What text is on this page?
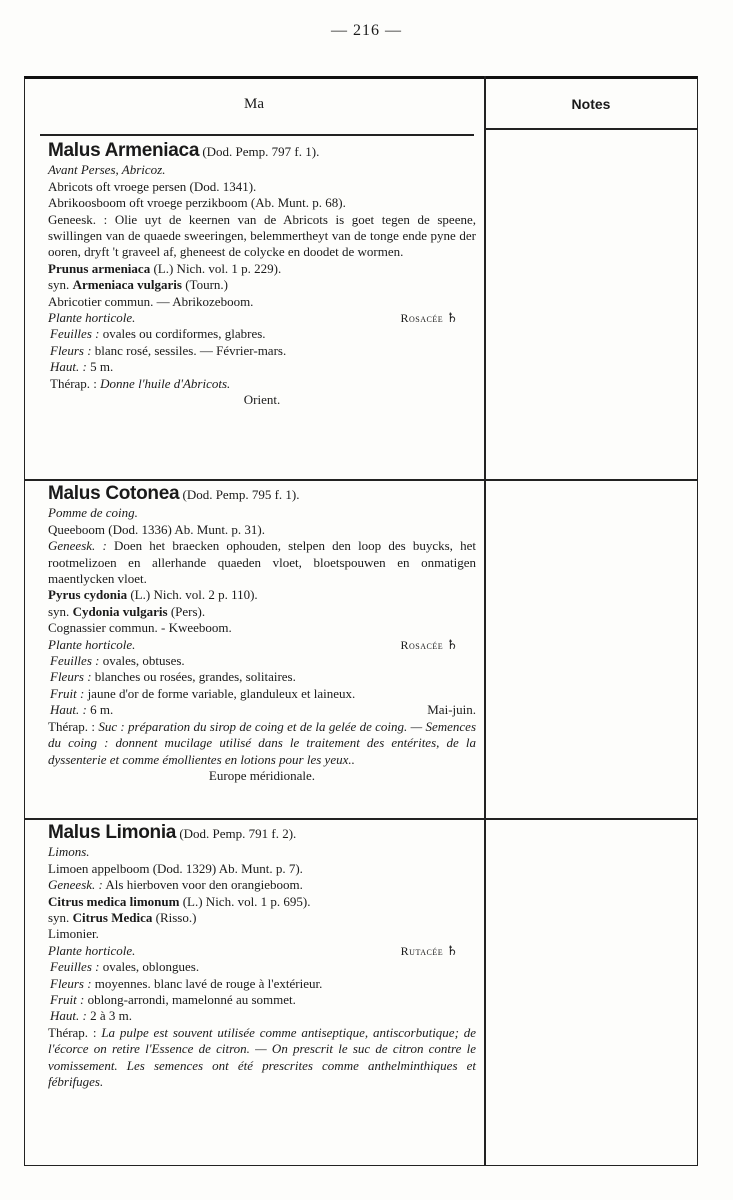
— 216 —
Ma	Notes

Malus Armeniaca (Dod. Pemp. 797 f. 1).

Avant Perses, Abricoz.

Abricots oft vroege persen (Dod. 1341).

Abrikoosboom oft vroege perzikboom (Ab. Munt. p. 68).

Geneesk. : Olie uyt de keernen van de Abricots is goet tegen de speene, swillingen van de quaede sweeringen, belemmertheyt van de tonge ende pyne der ooren, dryft 't graveel af, gheneest de colycke en doodet de wormen.

Prunus armeniaca (L.) Nich. vol. 1 p. 229).

syn. Armeniaca vulgaris (Tourn.)

Abricotier commun. — Abrikozeboom.

Plante horticole.	Rosacée ♄

Feuilles : ovales ou cordiformes, glabres.

Fleurs : blanc rosé, sessiles. — Février-mars.

Haut. : 5 m.

Thérap. : Donne l'huile d'Abricots.

Orient.

Malus Cotonea (Dod. Pemp. 795 f. 1).

Pomme de coing.

Queeboom (Dod. 1336) Ab. Munt. p. 31).

Geneesk. : Doen het braecken ophouden, stelpen den loop des buycks, het rootmelizoen en allerhande quaeden vloet, bloetspouwen en onmatigen maentlycken vloet.

Pyrus cydonia (L.) Nich. vol. 2 p. 110).

syn. Cydonia vulgaris (Pers).

Cognassier commun. - Kweeboom.

Plante horticole.	Rosacée ♄

Feuilles : ovales, obtuses.

Fleurs : blanches ou rosées, grandes, solitaires.

Fruit : jaune d'or de forme variable, glanduleux et laineux.

Haut. : 6 m.	Mai-juin.

Thérap. : Suc : préparation du sirop de coing et de la gelée de coing. — Semences du coing : donnent mucilage utilisé dans le traitement des entérites, de la dyssenterie et comme émollientes en lotions pour les yeux..

Europe méridionale.

Malus Limonia (Dod. Pemp. 791 f. 2).

Limons.

Limoen appelboom (Dod. 1329) Ab. Munt. p. 7).

Geneesk. : Als hierboven voor den orangieboom.

Citrus medica limonum (L.) Nich. vol. 1 p. 695).

syn. Citrus Medica (Risso.)

Limonier.

Plante horticole.	Rutacée ♄

Feuilles : ovales, oblongues.

Fleurs : moyennes. blanc lavé de rouge à l'extérieur.

Fruit : oblong-arrondi, mamelonné au sommet.

Haut. : 2 à 3 m.

Thérap. : La pulpe est souvent utilisée comme antiseptique, antiscorbutique; de l'écorce on retire l'Essence de citron. — On prescrit le suc de citron contre le vomissement. Les semences ont été prescrites comme anthelminthiques et fébrifuges.
